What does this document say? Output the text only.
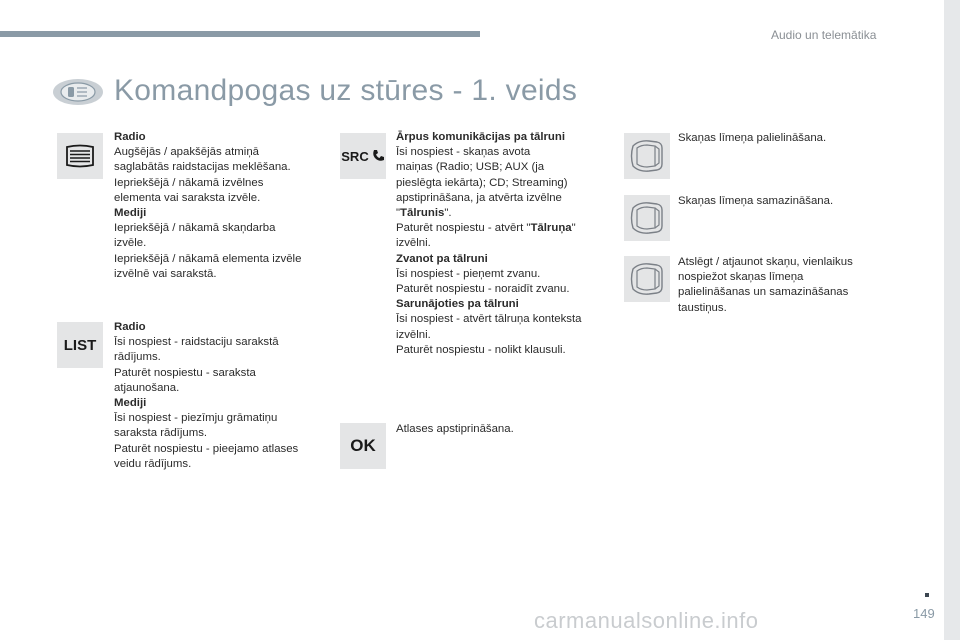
Audio un telemātika
Komandpogas uz stūres - 1. veids
LIST

Radio

Augšējās / apakšējās atmiņā

saglabātās raidstacijas meklēšana.

Iepriekšējā / nākamā izvēlnes

elementa vai saraksta izvēle.

Mediji

Iepriekšējā / nākamā skaņdarba

izvēle.

Iepriekšējā / nākamā elementa izvēle

izvēlnē vai sarakstā.

Radio

Īsi nospiest - raidstaciju sarakstā

rādījums.

Paturēt nospiestu - saraksta

atjaunošana.

Mediji

Īsi nospiest - piezīmju grāmatiņu

saraksta rādījums.

Paturēt nospiestu - pieejamo atlases

veidu rādījums.

SRC
OK

Ārpus komunikācijas pa tālruni

Īsi nospiest - skaņas avota

maiņas (Radio; USB; AUX (ja

pieslēgta iekārta); CD; Streaming)

apstiprināšana, ja atvērta izvēlne

"Tālrunis".

Paturēt nospiestu - atvērt "Tālruņa"

izvēlni.

Zvanot pa tālruni

Īsi nospiest - pieņemt zvanu.

Paturēt nospiestu - noraidīt zvanu.

Sarunājoties pa tālruni

Īsi nospiest - atvērt tālruņa konteksta

izvēlni.

Paturēt nospiestu - nolikt klausuli.

Atlases apstiprināšana.

Skaņas līmeņa palielināšana.

Skaņas līmeņa samazināšana.

Atslēgt / atjaunot skaņu, vienlaikus

nospiežot skaņas līmeņa

palielināšanas un samazināšanas

taustiņus.

carmanualsonline.info	149
